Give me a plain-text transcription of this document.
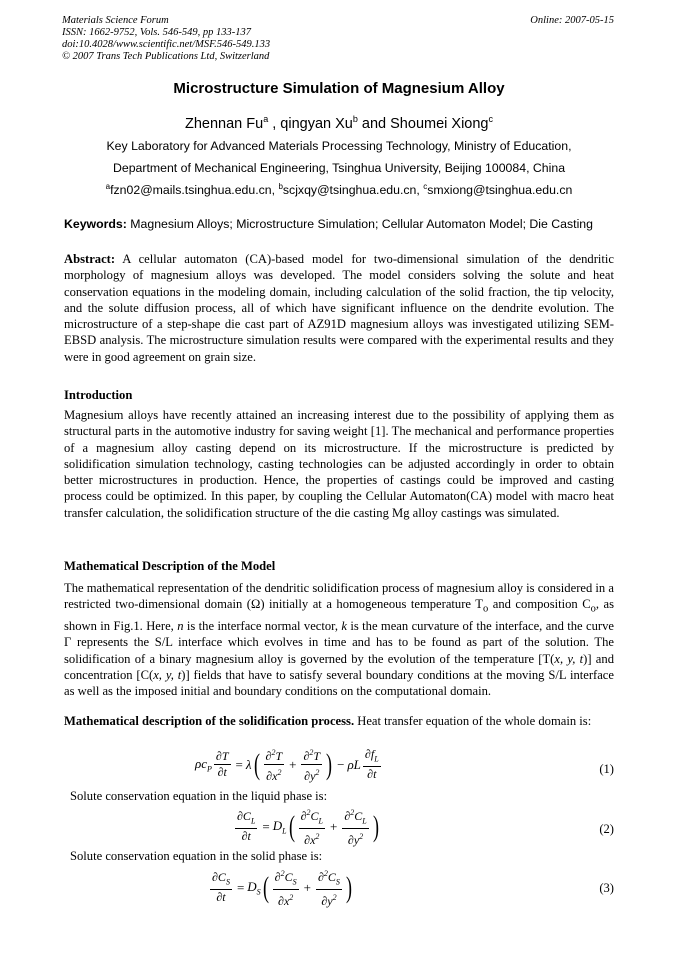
Materials Science Forum
ISSN: 1662-9752, Vols. 546-549, pp 133-137
doi:10.4028/www.scientific.net/MSF.546-549.133
© 2007 Trans Tech Publications Ltd, Switzerland
Online: 2007-05-15
Microstructure Simulation of Magnesium Alloy
Zhennan Fu$^a$ , qingyan Xu$^b$ and Shoumei Xiong$^c$
Key Laboratory for Advanced Materials Processing Technology, Ministry of Education,
Department of Mechanical Engineering, Tsinghua University, Beijing 100084, China
$^a$fzn02@mails.tsinghua.edu.cn, $^b$scjxqy@tsinghua.edu.cn, $^c$smxiong@tsinghua.edu.cn
Keywords: Magnesium Alloys; Microstructure Simulation; Cellular Automaton Model; Die Casting
Abstract: A cellular automaton (CA)-based model for two-dimensional simulation of the dendritic morphology of magnesium alloys was developed. The model considers solving the solute and heat conservation equations in the modeling domain, including calculation of the solid fraction, the tip velocity, and the solute diffusion process, all of which have significant influence on the dendrite evolution. The microstructure of a step-shape die cast part of AZ91D magnesium alloys was investigated utilizing SEM-EBSD analysis. The microstructure simulation results were compared with the experimental results and they were in good agreement on grain size.
Introduction
Magnesium alloys have recently attained an increasing interest due to the possibility of applying them as structural parts in the automotive industry for saving weight [1]. The mechanical and performance properties of a magnesium alloy casting depend on its microstructure. If the microstructure is predicted by solidification simulation technology, casting technologies can be adjusted accordingly in order to obtain better microstructures in production. Hence, the properties of castings could be improved and casting process could be optimized. In this paper, by coupling the Cellular Automaton(CA) model with macro heat transfer calculation, the solidification structure of the die casting Mg alloy castings was simulated.
Mathematical Description of the Model
The mathematical representation of the dendritic solidification process of magnesium alloy is considered in a restricted two-dimensional domain (Ω) initially at a homogeneous temperature $T_o$ and composition $C_o$, as shown in Fig.1. Here, n is the interface normal vector, k is the mean curvature of the interface, and the curve Γ represents the S/L interface which evolves in time and has to be found as part of the solution. The solidification of a binary magnesium alloy is governed by the evolution of the temperature [T(x, y, t)] and concentration [C(x, y, t)] fields that have to satisfy several boundary conditions at the moving S/L interface as well as the imposed initial and boundary conditions on the computational domain.
Mathematical description of the solidification process. Heat transfer equation of the whole domain is:
$\rho c_P \frac{\partial T}{\partial t} = \lambda$ ( $\frac{\partial^2T}{\partial x^2} + \frac{\partial^2T}{\partial y^2}$ ) − ρL $\frac{\partial f_L}{\partial t}$	(1)
Solute conservation equation in the liquid phase is:
$\frac{\partial C_L}{\partial t} = D_L$ ( $\frac{\partial^2C_L}{\partial x^2} + \frac{\partial^2C_L}{\partial y^2}$ )	(2)
Solute conservation equation in the solid phase is:
$\frac{\partial C_S}{\partial t} = D_S$ ( $\frac{\partial^2C_S}{\partial x^2} + \frac{\partial^2C_S}{\partial y^2}$ )	(3)
